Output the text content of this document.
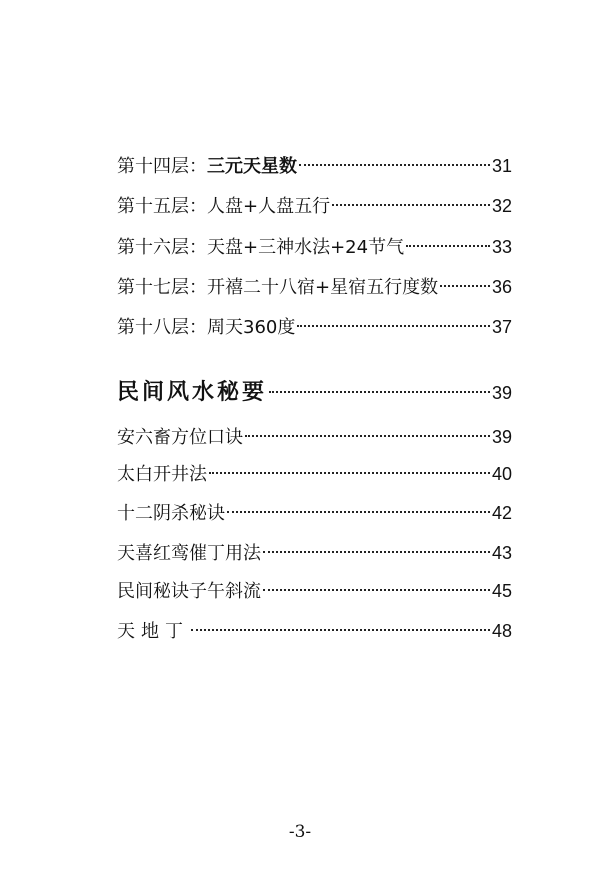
第十四层：三元天星数	31
第十五层：人盘+人盘五行	32
第十六层：天盘+三神水法+24节气	33
第十七层：开禧二十八宿+星宿五行度数	36
第十八层：周天360度	37
民间风水秘要	39
安六畜方位口诀	39
太白开井法	40
十二阴杀秘诀	42
天喜红鸾催丁用法	43
民间秘诀子午斜流	45
天地丁	48
-3-
